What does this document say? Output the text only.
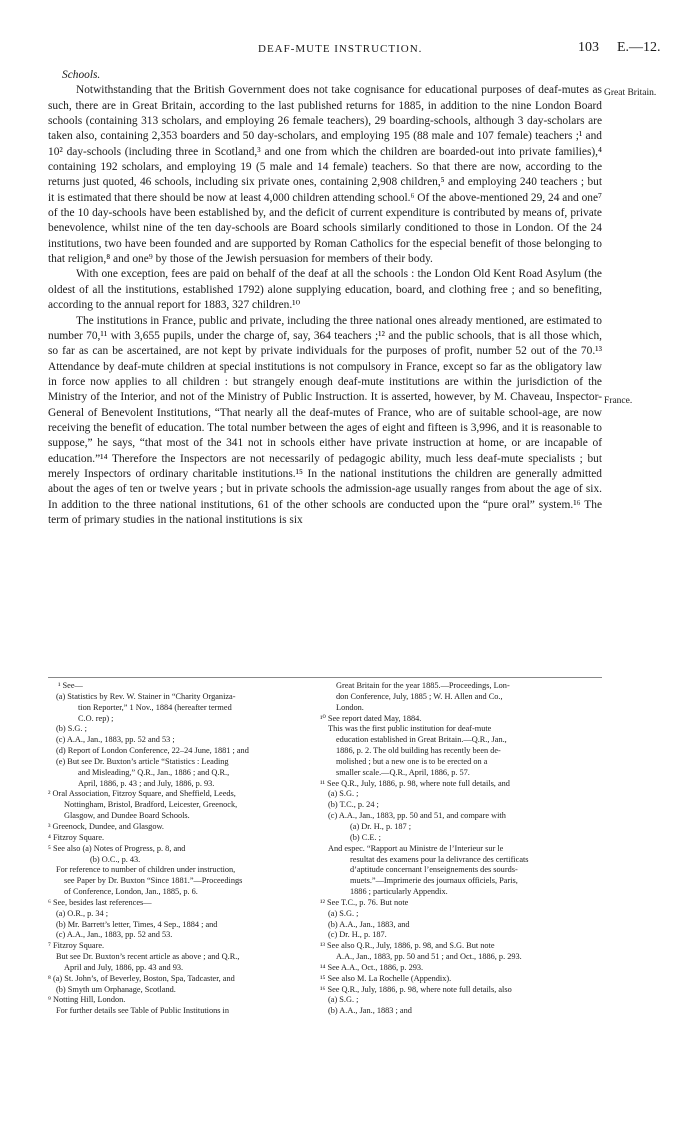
DEAF-MUTE INSTRUCTION.	103 E.—12.
Great Britain.
France.

Schools.

Notwithstanding that the British Government does not take cognisance for educational purposes of deaf-mutes as such, there are in Great Britain, according to the last published returns for 1885, in addition to the nine London Board schools (containing 313 scholars, and employing 26 female teachers), 29 boarding-schools, although 3 day-scholars are taken also, containing 2,353 boarders and 50 day-scholars, and employing 195 (88 male and 107 female) teachers ;¹ and 10² day-schools (including three in Scotland,³ and one from which the children are boarded-out into private families),⁴ containing 192 scholars, and employing 19 (5 male and 14 female) teachers. So that there are now, according to the returns just quoted, 46 schools, including six private ones, containing 2,908 children,⁵ and employing 240 teachers ; but it is estimated that there should be now at least 4,000 children attending school.⁶ Of the above-mentioned 29, 24 and one⁷ of the 10 day-schools have been established by, and the deficit of current expenditure is contributed by means of, private benevolence, whilst nine of the ten day-schools are Board schools similarly conditioned to those in London. Of the 24 institutions, two have been founded and are supported by Roman Catholics for the especial benefit of those belonging to that religion,⁸ and one⁹ by those of the Jewish persuasion for members of their body.

With one exception, fees are paid on behalf of the deaf at all the schools : the London Old Kent Road Asylum (the oldest of all the institutions, established 1792) alone supplying education, board, and clothing free ; and so benefiting, according to the annual report for 1883, 327 children.¹⁰

The institutions in France, public and private, including the three national ones already mentioned, are estimated to number 70,¹¹ with 3,655 pupils, under the charge of, say, 364 teachers ;¹² and the public schools, that is all those which, so far as can be ascertained, are not kept by private individuals for the purposes of profit, number 52 out of the 70.¹³ Attendance by deaf-mute children at special institutions is not compulsory in France, except so far as the obligatory law in force now applies to all children : but strangely enough deaf-mute institutions are within the jurisdiction of the Ministry of the Interior, and not of the Ministry of Public Instruction. It is asserted, however, by M. Chaveau, Inspector-General of Benevolent Institutions, “That nearly all the deaf-mutes of France, who are of suitable school-age, are now receiving the benefit of education. The total number between the ages of eight and fifteen is 3,996, and it is reasonable to suppose,” he says, “that most of the 341 not in schools either have private instruction at home, or are incapable of education.”¹⁴ Therefore the Inspectors are not necessarily of pedagogic ability, much less deaf-mute specialists ; but merely Inspectors of ordinary charitable institutions.¹⁵ In the national institutions the children are generally admitted about the ages of ten or twelve years ; but in private schools the admission-age usually ranges from about the age of six. In addition to the three national institutions, 61 of the other schools are conducted upon the “pure oral” system.¹⁶ The term of primary studies in the national institutions is six

¹ See—
(a) Statistics by Rev. W. Stainer in “Charity Organiza-
tion Reporter,” 1 Nov., 1884 (hereafter termed
C.O. rep) ;
(b) S.G. ;
(c) A.A., Jan., 1883, pp. 52 and 53 ;
(d) Report of London Conference, 22–24 June, 1881 ; and
(e) But see Dr. Buxton’s article “Statistics : Leading
and Misleading,” Q.R., Jan., 1886 ; and Q.R.,
April, 1886, p. 43 ; and July, 1886, p. 93.
² Oral Association, Fitzroy Square, and Sheffield, Leeds,
Nottingham, Bristol, Bradford, Leicester, Greenock,
Glasgow, and Dundee Board Schools.
³ Greenock, Dundee, and Glasgow.
⁴ Fitzroy Square.
⁵ See also (a) Notes of Progress, p. 8, and
(b) O.C., p. 43.
For reference to number of children under instruction,
see Paper by Dr. Buxton “Since 1881.”—Proceedings
of Conference, London, Jan., 1885, p. 6.
⁶ See, besides last references—
(a) O.R., p. 34 ;
(b) Mr. Barrett’s letter, Times, 4 Sep., 1884 ; and
(c) A.A., Jan., 1883, pp. 52 and 53.
⁷ Fitzroy Square.
But see Dr. Buxton’s recent article as above ; and Q.R.,
April and July, 1886, pp. 43 and 93.
⁸ (a) St. John’s, of Beverley, Boston, Spa, Tadcaster, and
(b) Smyth um Orphanage, Scotland.
⁹ Notting Hill, London.
For further details see Table of Public Institutions in
Great Britain for the year 1885.—Proceedings, Lon-
don Conference, July, 1885 ; W. H. Allen and Co.,
London.
¹⁰ See report dated May, 1884.
This was the first public institution for deaf-mute
education established in Great Britain.—Q.R., Jan.,
1886, p. 2. The old building has recently been de-
molished ; but a new one is to be erected on a
smaller scale.—Q.R., April, 1886, p. 57.
¹¹ See Q.R., July, 1886, p. 98, where note full details, and
(a) S.G. ;
(b) T.C., p. 24 ;
(c) A.A., Jan., 1883, pp. 50 and 51, and compare with
(a) Dr. H., p. 187 ;
(b) C.E. ;
And espec. “Rapport au Ministre de l’Interieur sur le
resultat des examens pour la delivrance des certificats
d’aptitude concernant l’enseignements des sourds-
muets.”—Imprimerie des journaux officiels, Paris,
1886 ; particularly Appendix.
¹² See T.C., p. 76. But note
(a) S.G. ;
(b) A.A., Jan., 1883, and
(c) Dr. H., p. 187.
¹³ See also Q.R., July, 1886, p. 98, and S.G. But note
A.A., Jan., 1883, pp. 50 and 51 ; and Oct., 1886, p. 293.
¹⁴ See A.A., Oct., 1886, p. 293.
¹⁵ See also M. La Rochelle (Appendix).
¹⁶ See Q.R., July, 1886, p. 98, where note full details, also
(a) S.G. ;
(b) A.A., Jan., 1883 ; and
